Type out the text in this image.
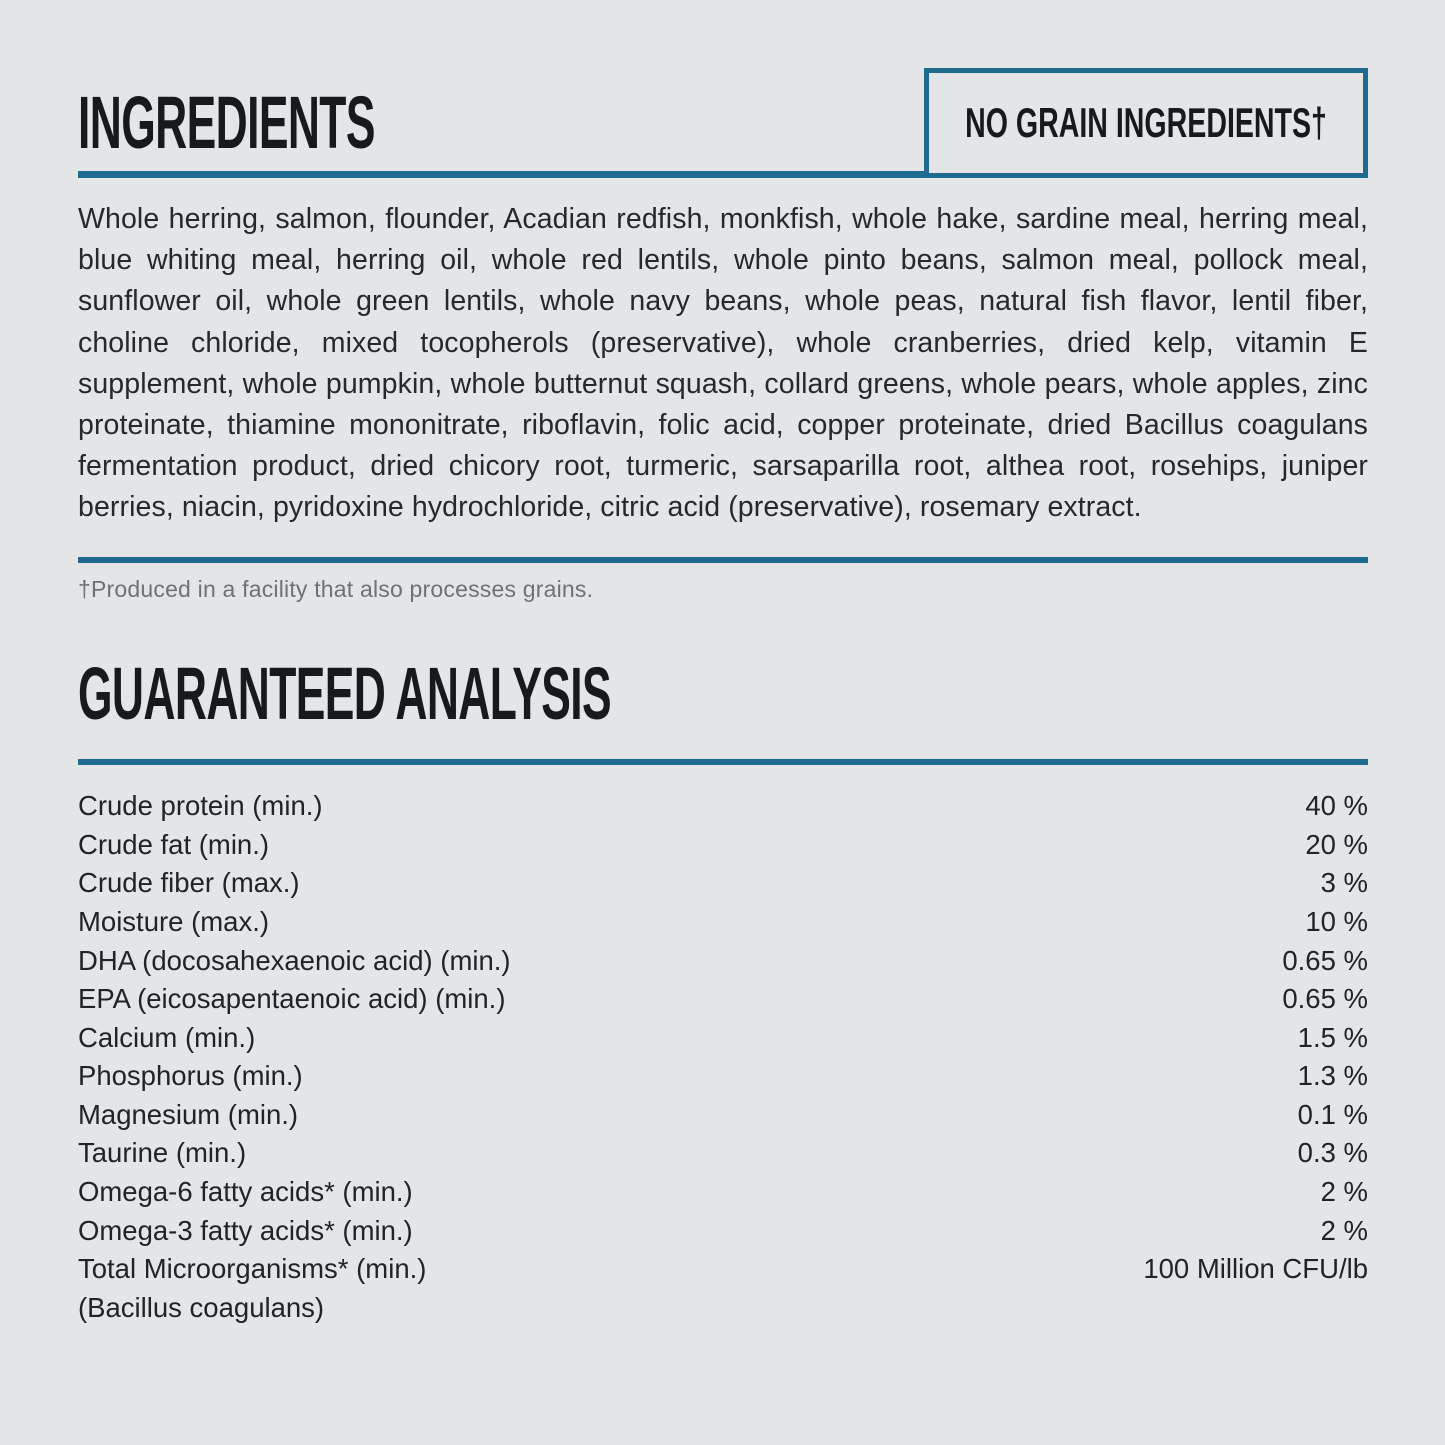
INGREDIENTS	NO GRAIN INGREDIENTS†

Whole herring, salmon, flounder, Acadian redfish, monkfish, whole hake, sardine meal, herring meal, blue whiting meal, herring oil, whole red lentils, whole pinto beans, salmon meal, pollock meal, sunflower oil, whole green lentils, whole navy beans, whole peas, natural fish flavor, lentil fiber, choline chloride, mixed tocopherols (preservative), whole cranberries, dried kelp, vitamin E supplement, whole pumpkin, whole butternut squash, collard greens, whole pears, whole apples, zinc proteinate, thiamine mononitrate, riboflavin, folic acid, copper proteinate, dried Bacillus coagulans fermentation product, dried chicory root, turmeric, sarsaparilla root, althea root, rosehips, juniper berries, niacin, pyridoxine hydrochloride, citric acid (preservative), rosemary extract.

†Produced in a facility that also processes grains.
GUARANTEED ANALYSIS
Crude protein (min.)	40 %
Crude fat (min.)	20 %
Crude fiber (max.)	3 %
Moisture (max.)	10 %
DHA (docosahexaenoic acid) (min.)	0.65 %
EPA (eicosapentaenoic acid) (min.)	0.65 %
Calcium (min.)	1.5 %
Phosphorus (min.)	1.3 %
Magnesium (min.)	0.1 %
Taurine (min.)	0.3 %
Omega-6 fatty acids* (min.)	2 %
Omega-3 fatty acids* (min.)	2 %
Total Microorganisms* (min.)	100 Million CFU/lb
(Bacillus coagulans)
